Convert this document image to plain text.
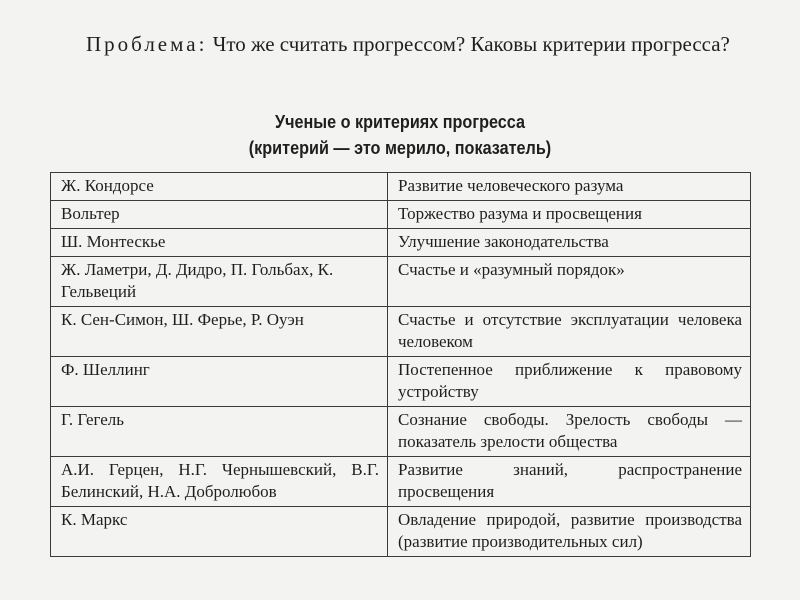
Проблема: Что же считать прогрессом? Каковы критерии прогресса?
Ученые о критериях прогресса
(критерий — это мерило, показатель)
Ж. Кондорсе	Развитие человеческого разума
Вольтер	Торжество разума и просвещения
Ш. Монтескье	Улучшение законодательства
Ж. Ламетри, Д. Дидро, П. Гольбах, К. Гельвеций	Счастье и «разумный порядок»
К. Сен-Симон, Ш. Ферье, Р. Оуэн	Счастье и отсутствие эксплуатации человека человеком
Ф. Шеллинг	Постепенное приближение к правовому устройству
Г. Гегель	Сознание свободы. Зрелость свободы — показатель зрелости общества
А.И. Герцен, Н.Г. Чернышевский, В.Г. Белинский, Н.А. Добролюбов	Развитие знаний, распространение просвещения
К. Маркс	Овладение природой, развитие производства (развитие производительных сил)
